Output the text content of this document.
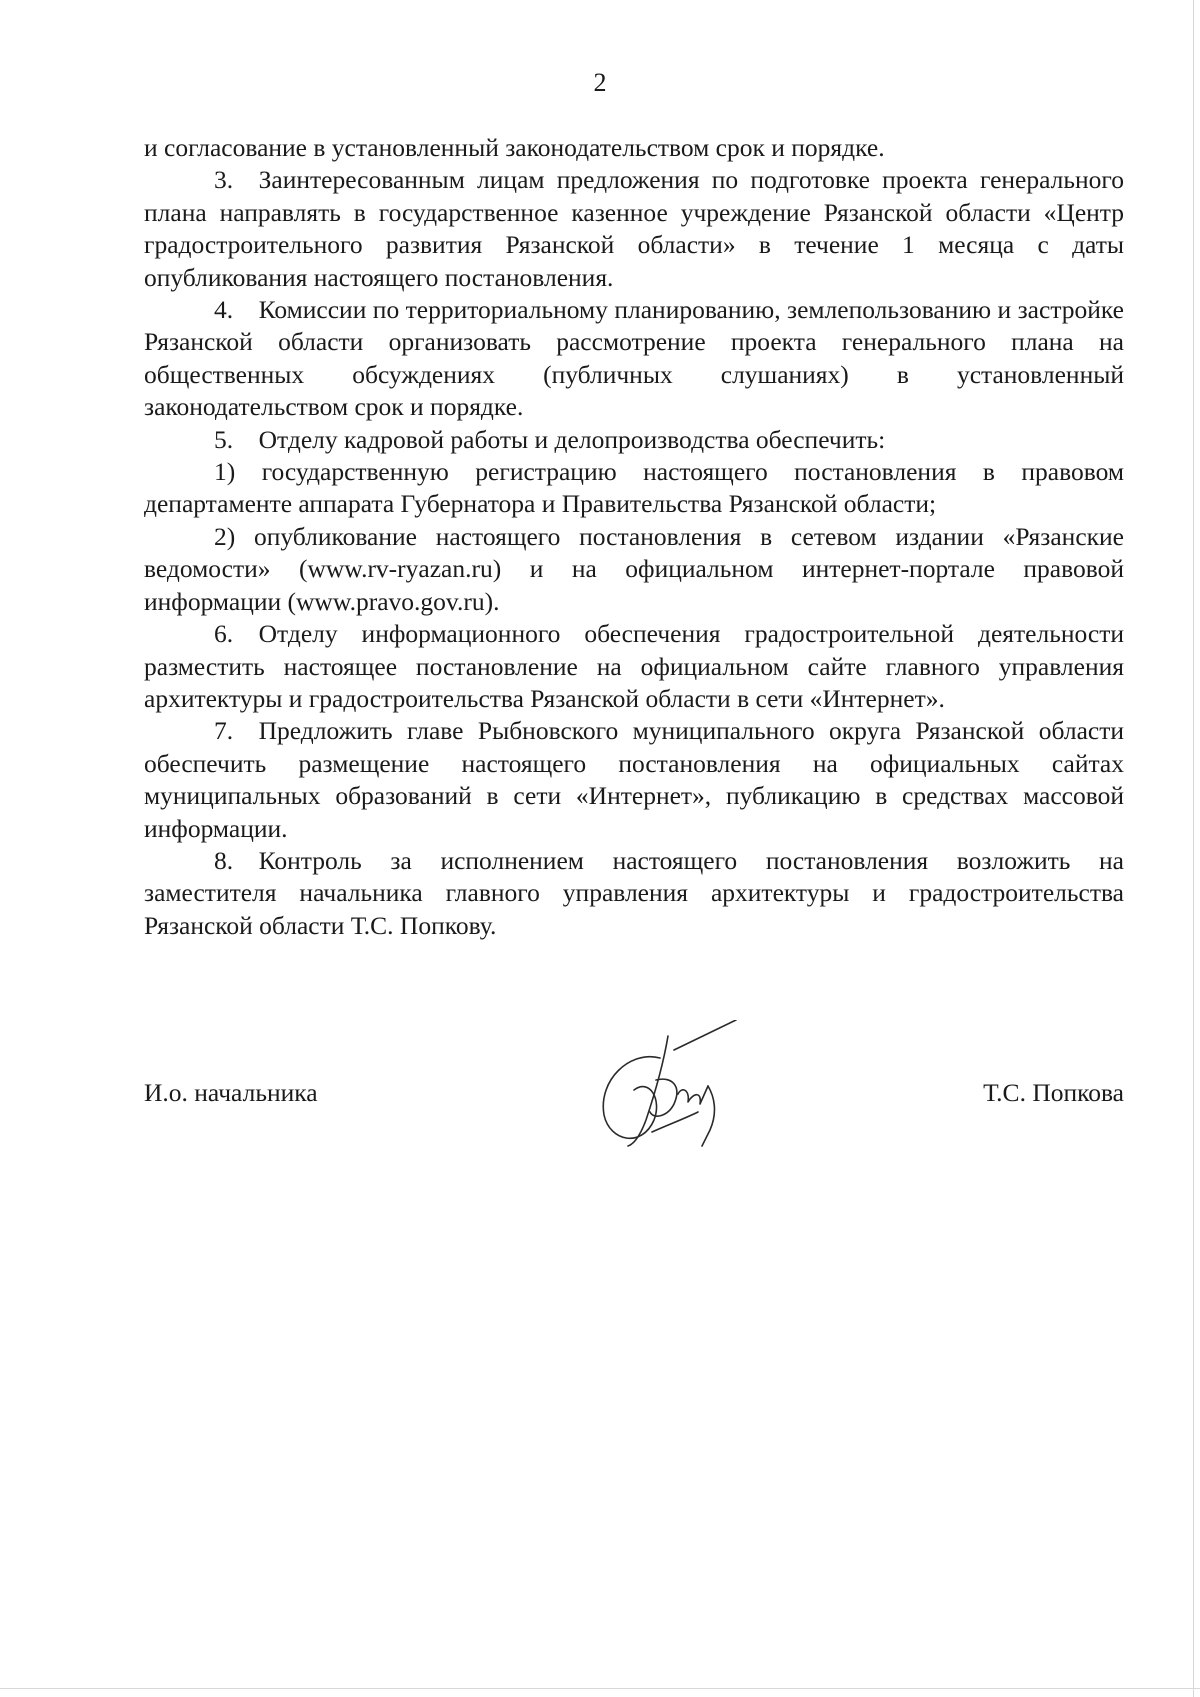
2

и согласование в установленный законодательством срок и порядке.

3. Заинтересованным лицам предложения по подготовке проекта генерального плана направлять в государственное казенное учреждение Рязанской области «Центр градостроительного развития Рязанской области» в течение 1 месяца с даты опубликования настоящего постановления.

4. Комиссии по территориальному планированию, землепользованию и застройке Рязанской области организовать рассмотрение проекта генерального плана на общественных обсуждениях (публичных слушаниях) в установленный законодательством срок и порядке.

5. Отделу кадровой работы и делопроизводства обеспечить:

1) государственную регистрацию настоящего постановления в правовом департаменте аппарата Губернатора и Правительства Рязанской области;

2) опубликование настоящего постановления в сетевом издании «Рязанские ведомости» (www.rv-ryazan.ru) и на официальном интернет-портале правовой информации (www.pravo.gov.ru).

6. Отделу информационного обеспечения градостроительной деятельности разместить настоящее постановление на официальном сайте главного управления архитектуры и градостроительства Рязанской области в сети «Интернет».

7. Предложить главе Рыбновского муниципального округа Рязанской области обеспечить размещение настоящего постановления на официальных сайтах муниципальных образований в сети «Интернет», публикацию в средствах массовой информации.

8. Контроль за исполнением настоящего постановления возложить на заместителя начальника главного управления архитектуры и градостроительства Рязанской области Т.С. Попкову.

И.о. начальника	Т.С. Попкова
